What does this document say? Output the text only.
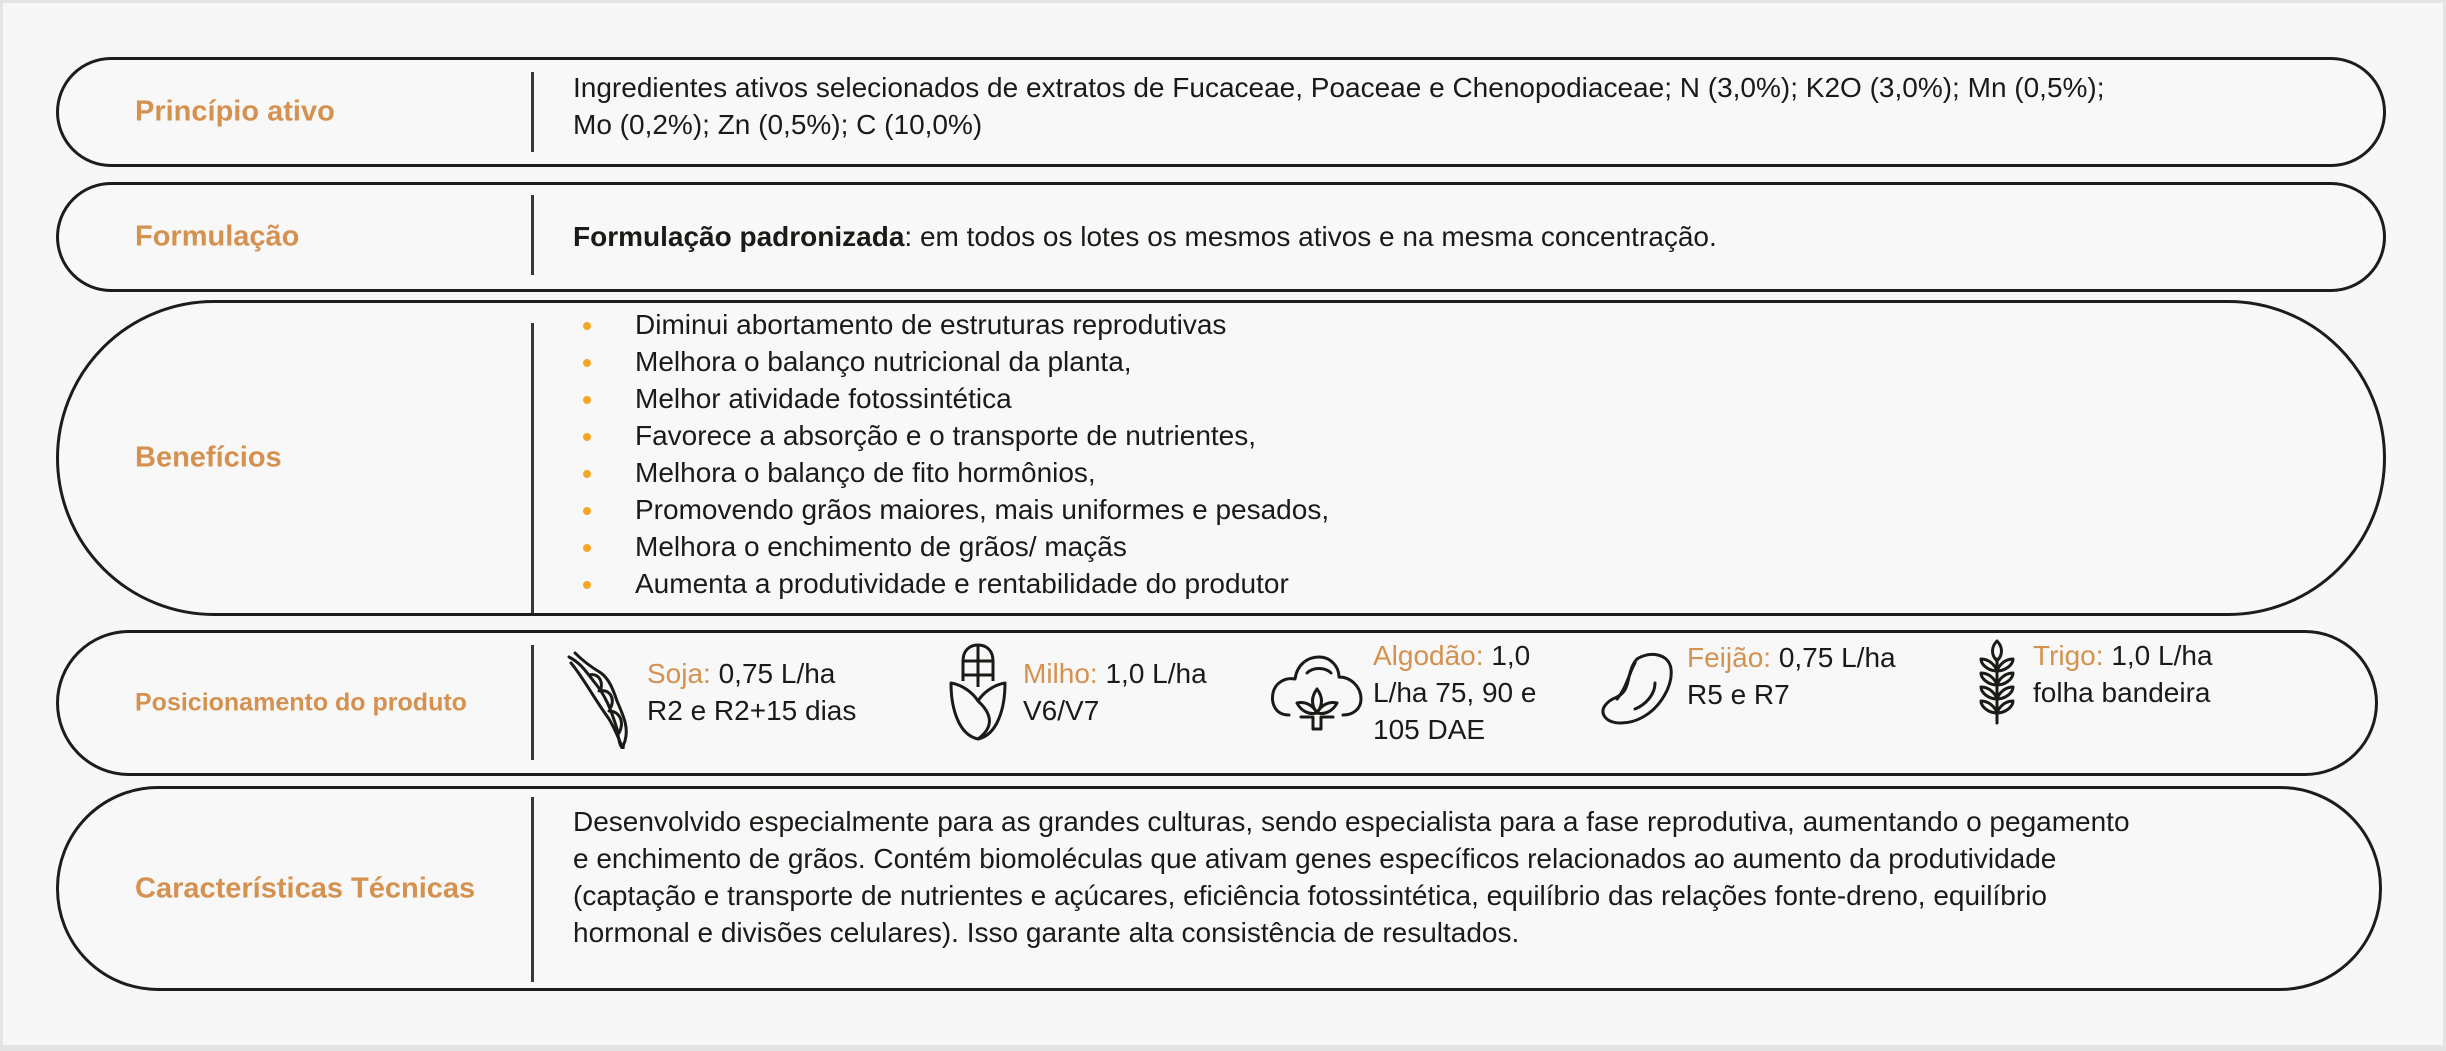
Princípio ativo
Ingredientes ativos selecionados de extratos de Fucaceae, Poaceae e Chenopodiaceae; N (3,0%); K2O (3,0%); Mn (0,5%);
Mo (0,2%); Zn (0,5%); C (10,0%)
Formulação	Formulação padronizada: em todos os lotes os mesmos ativos e na mesma concentração.
Benefícios
Diminui abortamento de estruturas reprodutivas
Melhora o balanço nutricional da planta,
Melhor atividade fotossintética
Favorece a absorção e o transporte de nutrientes,
Melhora o balanço de fito hormônios,
Promovendo grãos maiores, mais uniformes e pesados,
Melhora o enchimento de grãos/ maçãs
Aumenta a produtividade e rentabilidade do produtor
Posicionamento do produto
Soja: 0,75 L/ha
R2 e R2+15 dias
Milho: 1,0 L/ha
V6/V7
Algodão: 1,0
L/ha 75, 90 e
105 DAE
Feijão: 0,75 L/ha
R5 e R7
Trigo: 1,0 L/ha
folha bandeira
Características Técnicas
Desenvolvido especialmente para as grandes culturas, sendo especialista para a fase reprodutiva, aumentando o pegamento
e enchimento de grãos. Contém biomoléculas que ativam genes específicos relacionados ao aumento da produtividade
(captação e transporte de nutrientes e açúcares, eficiência fotossintética, equilíbrio das relações fonte-dreno, equilíbrio
hormonal e divisões celulares). Isso garante alta consistência de resultados.
